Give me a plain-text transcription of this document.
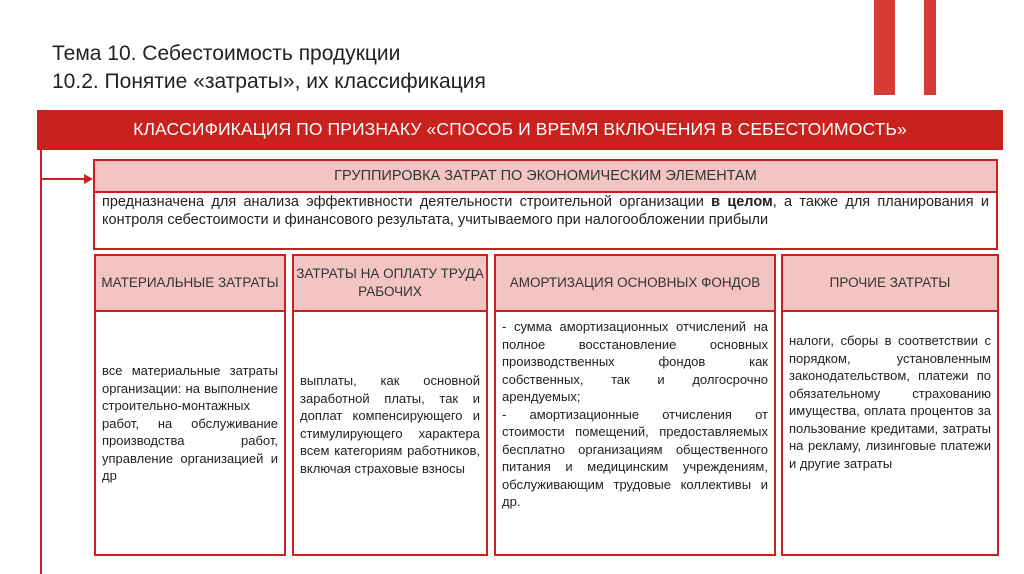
Тема 10. Себестоимость продукции
10.2. Понятие «затраты», их классификация
КЛАССИФИКАЦИЯ ПО ПРИЗНАКУ «СПОСОБ И ВРЕМЯ ВКЛЮЧЕНИЯ В СЕБЕСТОИМОСТЬ»
ГРУППИРОВКА ЗАТРАТ ПО ЭКОНОМИЧЕСКИМ ЭЛЕМЕНТАМ
предназначена для анализа эффективности деятельности строительной организации в целом, а также для планирования и контроля себестоимости и финансового результата, учитываемого при налогообложении прибыли
МАТЕРИАЛЬНЫЕ ЗАТРАТЫ
все материальные затраты организации: на выполнение строительно-монтажных работ, на обслуживание производства работ, управление организацией и др
ЗАТРАТЫ НА ОПЛАТУ ТРУДА РАБОЧИХ
выплаты, как основной заработной платы, так и доплат компенсирующего и стимулирующего характера всем категориям работников, включая страховые взносы
АМОРТИЗАЦИЯ ОСНОВНЫХ ФОНДОВ
- сумма амортизационных отчислений на полное восстановление основных производственных фондов как собственных, так и долгосрочно арендуемых;
- амортизационные отчисления от стоимости помещений, предоставляемых бесплатно организациям общественного питания и медицинским учреждениям, обслуживающим трудовые коллективы и др.
ПРОЧИЕ ЗАТРАТЫ
налоги, сборы в соответствии с порядком, установленным законодательством, платежи по обязательному страхованию имущества, оплата процентов за пользование кредитами, затраты на рекламу, лизинговые платежи и другие затраты
